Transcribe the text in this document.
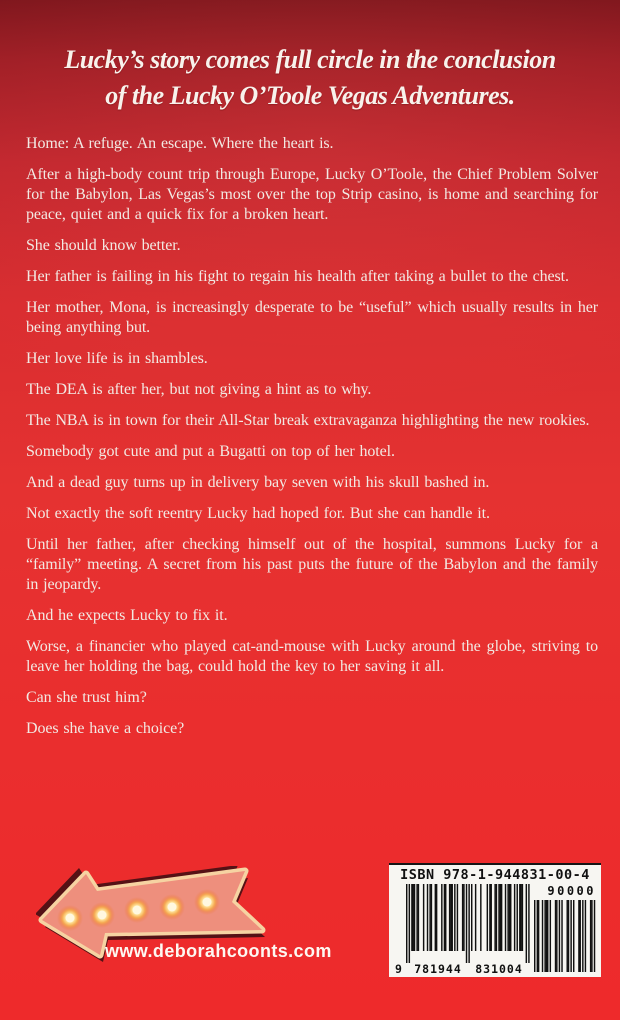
Lucky’s story comes full circle in the conclusion
of the Lucky O’Toole Vegas Adventures.

Home: A refuge. An escape. Where the heart is.

After a high-body count trip through Europe, Lucky O’Toole, the Chief Problem Solver for the Babylon, Las Vegas’s most over the top Strip casino, is home and searching for peace, quiet and a quick fix for a broken heart.

She should know better.

Her father is failing in his fight to regain his health after taking a bullet to the chest.

Her mother, Mona, is increasingly desperate to be “useful” which usually results in her being anything but.

Her love life is in shambles.

The DEA is after her, but not giving a hint as to why.

The NBA is in town for their All-Star break extravaganza highlighting the new rookies.

Somebody got cute and put a Bugatti on top of her hotel.

And a dead guy turns up in delivery bay seven with his skull bashed in.

Not exactly the soft reentry Lucky had hoped for. But she can handle it.

Until her father, after checking himself out of the hospital, summons Lucky for a “family” meeting. A secret from his past puts the future of the Babylon and the family in jeopardy.

And he expects Lucky to fix it.

Worse, a financier who played cat-and-mouse with Lucky around the globe, striving to leave her holding the bag, could hold the key to her saving it all.

Can she trust him?

Does she have a choice?

www.deborahcoonts.com
ISBN 978-1-944831-00-4
9 781944 831004
90000
